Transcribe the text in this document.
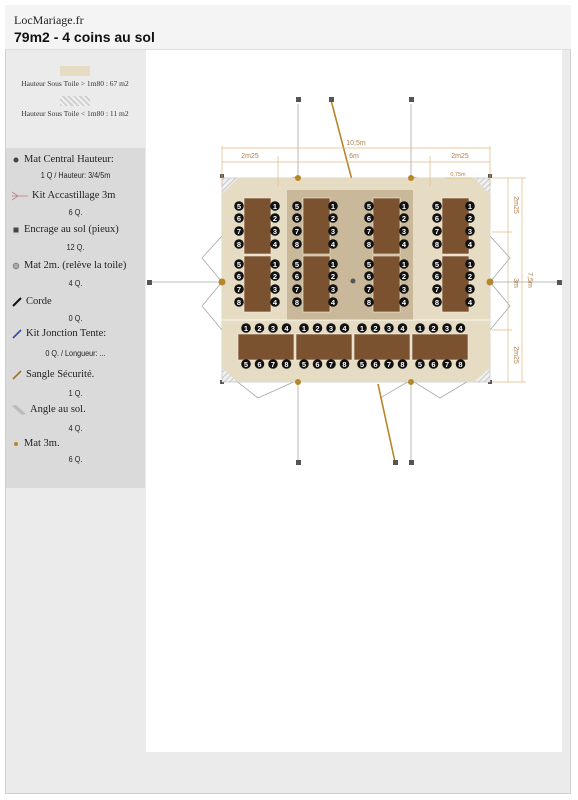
LocMariage.fr
79m2 - 4 coins au sol
Hauteur Sous Toile > 1m80 : 67 m2
Hauteur Sous Toile < 1m80 : 11 m2
Mat Central Hauteur:
1 Q / Hauteur: 3/4/5m
Kit Accastillage 3m
6 Q.
Encrage au sol (pieux)
12 Q.
Mat 2m. (relève la toile)
4 Q.
Corde
0 Q.
Kit Jonction Tente:
0 Q. / Longueur: ...
Sangle Sécurité.
1 Q.
Angle au sol.
4 Q.
Mat 3m.
6 Q.
10,5m
2m25	6m	2m25
0,75m
7,5m
2m25
3m
2m25
5	1
6	2
7	3
8	4
5	1
6	2
7	3
8	4
5	1
6	2
7	3
8	4
5	1
6	2
7	3
8	4
5	1
6	2
7	3
8	4
5	1
6	2
7	3
8	4
5	1
6	2
7	3
8	4
5	1
6	2
7	3
8	4
1
5
2
6
3
7
4
8
1
5
2
6
3
7
4
8
1
5
2
6
3
7
4
8
1
5
2
6
3
7
4
8
